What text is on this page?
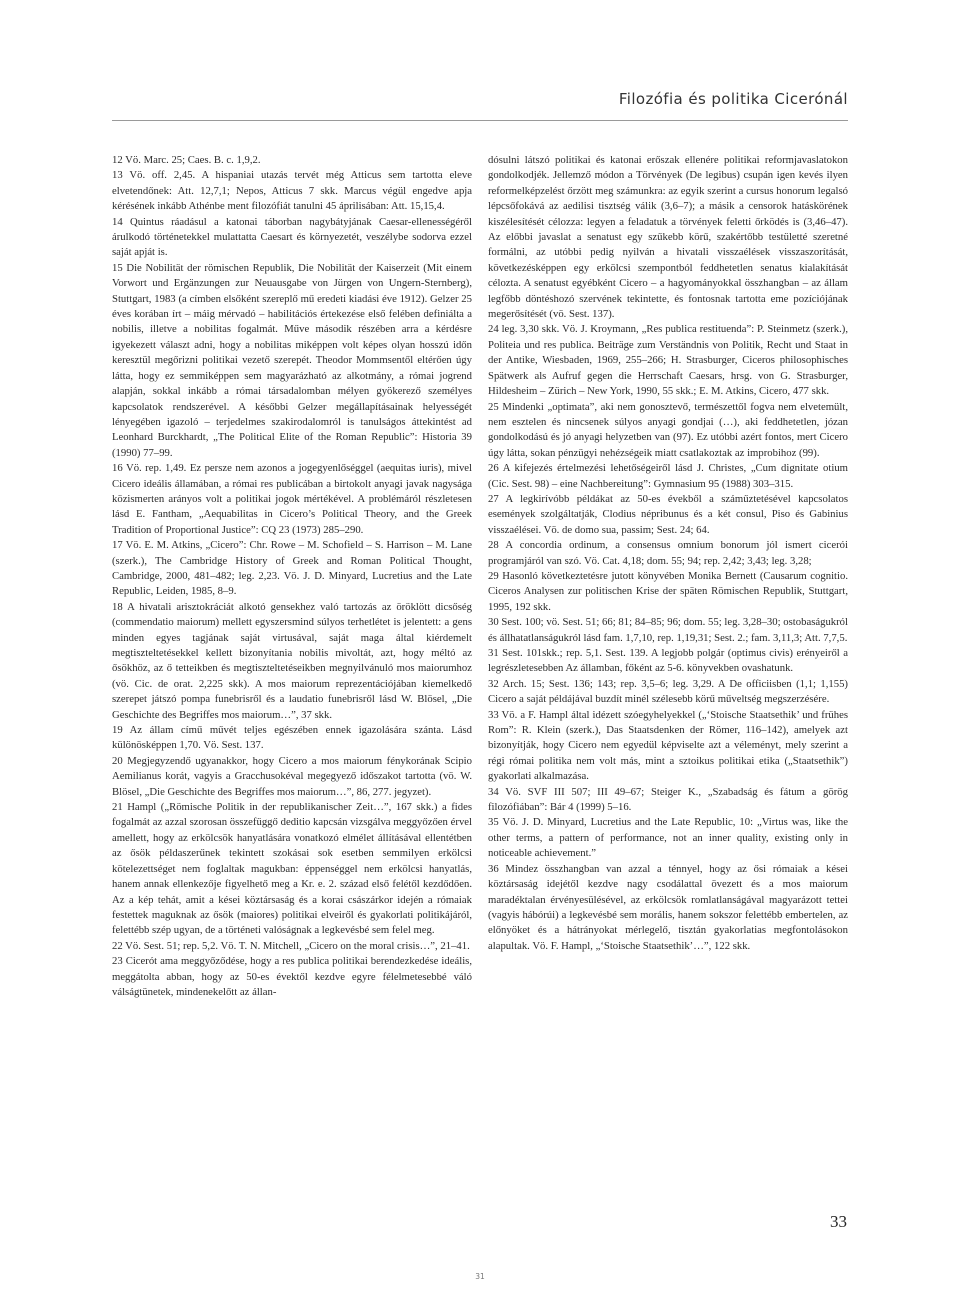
Filozófia és politika Cicerónál

12 Vö. Marc. 25; Caes. B. c. 1,9,2.

13 Vö. off. 2,45. A hispaniai utazás tervét még Atticus sem tartotta eleve elvetendőnek: Att. 12,7,1; Nepos, Atticus 7 skk. Marcus végül engedve apja kérésének inkább Athénbe ment filozófiát tanulni 45 áprilisában: Att. 15,15,4.

14 Quintus ráadásul a katonai táborban nagybátyjának Caesar-ellenességéről árulkodó történetekkel mulattatta Caesart és környezetét, veszélybe sodorva ezzel saját apját is.

15 Die Nobilität der römischen Republik, Die Nobilität der Kaiserzeit (Mit einem Vorwort und Ergänzungen zur Neuausgabe von Jürgen von Ungern-Sternberg), Stuttgart, 1983 (a címben elsőként szereplő mű eredeti kiadási éve 1912). Gelzer 25 éves korában írt – máig mérvadó – habilitációs értekezése első felében definiálta a nobilis, illetve a nobilitas fogalmát. Műve második részében arra a kérdésre igyekezett választ adni, hogy a nobilitas miképpen volt képes olyan hosszú időn keresztül megőrizni politikai vezető szerepét. Theodor Mommsentől eltérően úgy látta, hogy ez semmiképpen sem magyarázható az alkotmány, a római jogrend alapján, sokkal inkább a római társadalomban mélyen gyökerező személyes kapcsolatok rendszerével. A későbbi Gelzer megállapításainak helyességét lényegében igazoló – terjedelmes szakirodalomról is tanulságos áttekintést ad Leonhard Burckhardt, „The Political Elite of the Roman Republic”: Historia 39 (1990) 77–99.

16 Vö. rep. 1,49. Ez persze nem azonos a jogegyenlőséggel (aequitas iuris), mivel Cicero ideális államában, a római res publicában a birtokolt anyagi javak nagysága közismerten arányos volt a politikai jogok mértékével. A problémáról részletesen lásd E. Fantham, „Aequabilitas in Cicero’s Political Theory, and the Greek Tradition of Proportional Justice”: CQ 23 (1973) 285–290.

17 Vö. E. M. Atkins, „Cicero”: Chr. Rowe – M. Schofield – S. Harrison – M. Lane (szerk.), The Cambridge History of Greek and Roman Political Thought, Cambridge, 2000, 481–482; leg. 2,23. Vö. J. D. Minyard, Lucretius and the Late Republic, Leiden, 1985, 8–9.

18 A hivatali arisztokráciát alkotó gensekhez való tartozás az öröklött dicsőség (commendatio maiorum) mellett egyszersmind súlyos terhetlétet is jelentett: a gens minden egyes tagjának saját virtusával, saját maga által kiérdemelt megtiszteltetésekkel kellett bizonyítania nobilis mivoltát, azt, hogy méltó az ősökhöz, az ő tetteikben és megtiszteltetéseikben megnyilvánuló mos maiorumhoz (vö. Cic. de orat. 2,225 skk). A mos maiorum reprezentációjában kiemelkedő szerepet játszó pompa funebrisről és a laudatio funebrisről lásd W. Blösel, „Die Geschichte des Begriffes mos maiorum…”, 37 skk.

19 Az állam című művét teljes egészében ennek igazolására szánta. Lásd különösképpen 1,70. Vö. Sest. 137.

20 Megjegyzendő ugyanakkor, hogy Cicero a mos maiorum fénykorának Scipio Aemilianus korát, vagyis a Gracchusokéval megegyező időszakot tartotta (vö. W. Blösel, „Die Geschichte des Begriffes mos maiorum…”, 86, 277. jegyzet).

21 Hampl („Römische Politik in der republikanischer Zeit…”, 167 skk.) a fides fogalmát az azzal szorosan összefüggő deditio kapcsán vizsgálva meggyőzően érvel amellett, hogy az erkölcsök hanyatlására vonatkozó elmélet állításával ellentétben az ősök példaszerűnek tekintett szokásai sok esetben semmilyen erkölcsi kötelezettséget nem foglaltak magukban: éppenséggel nem erkölcsi hanyatlás, hanem annak ellenkezője figyelhető meg a Kr. e. 2. század első felétől kezdődően. Az a kép tehát, amit a kései köztársaság és a korai császárkor idején a rómaiak festettek maguknak az ősök (maiores) politikai elveiről és gyakorlati politikájáról, felettébb szép ugyan, de a történeti valóságnak a legkevésbé sem felel meg.

22 Vö. Sest. 51; rep. 5,2. Vö. T. N. Mitchell, „Cicero on the moral crisis…”, 21–41.

23 Cicerót ama meggyőződése, hogy a res publica politikai berendezkedése ideális, meggátolta abban, hogy az 50-es évektől kezdve egyre félelmetesebbé váló válságtünetek, mindenekelőtt az állan-

dósulni látszó politikai és katonai erőszak ellenére politikai reformjavaslatokon gondolkodjék. Jellemző módon a Törvények (De legibus) csupán igen kevés ilyen reformelképzelést őrzött meg számunkra: az egyik szerint a cursus honorum legalsó lépcsőfokává az aedilisi tisztség válik (3,6–7); a másik a censorok hatáskörének kiszélesítését célozza: legyen a feladatuk a törvények feletti őrködés is (3,46–47). Az előbbi javaslat a senatust egy szűkebb körű, szakértőbb testületté szeretné formálni, az utóbbi pedig nyilván a hivatali visszaélések visszaszorítását, következésképpen egy erkölcsi szempontból feddhetetlen senatus kialakítását célozta. A senatust egyébként Cicero – a hagyományokkal összhangban – az állam legfőbb döntéshozó szervének tekintette, és fontosnak tartotta eme pozíciójának megerősítését (vö. Sest. 137).

24 leg. 3,30 skk. Vö. J. Kroymann, „Res publica restituenda”: P. Steinmetz (szerk.), Politeia und res publica. Beiträge zum Verständnis von Politik, Recht und Staat in der Antike, Wiesbaden, 1969, 255–266; H. Strasburger, Ciceros philosophisches Spätwerk als Aufruf gegen die Herrschaft Caesars, hrsg. von G. Strasburger, Hildesheim – Zürich – New York, 1990, 55 skk.; E. M. Atkins, Cicero, 477 skk.

25 Mindenki „optimata”, aki nem gonosztevő, természettől fogva nem elvetemült, nem esztelen és nincsenek súlyos anyagi gondjai (…), aki feddhetetlen, józan gondolkodású és jó anyagi helyzetben van (97). Ez utóbbi azért fontos, mert Cicero úgy látta, sokan pénzügyi nehézségeik miatt csatlakoztak az improbihoz (99).

26 A kifejezés értelmezési lehetőségeiről lásd J. Christes, „Cum dignitate otium (Cic. Sest. 98) – eine Nachbereitung”: Gymnasium 95 (1988) 303–315.

27 A legkirívóbb példákat az 50-es évekből a száműztetésével kapcsolatos események szolgáltatják, Clodius népribunus és a két consul, Piso és Gabinius visszaélései. Vö. de domo sua, passim; Sest. 24; 64.

28 A concordia ordinum, a consensus omnium bonorum jól ismert cicerói programjáról van szó. Vö. Cat. 4,18; dom. 55; 94; rep. 2,42; 3,43; leg. 3,28;

29 Hasonló következtetésre jutott könyvében Monika Bernett (Causarum cognitio. Ciceros Analysen zur politischen Krise der späten Römischen Republik, Stuttgart, 1995, 192 skk.

30 Sest. 100; vö. Sest. 51; 66; 81; 84–85; 96; dom. 55; leg. 3,28–30; ostobaságukról és állhatatlanságukról lásd fam. 1,7,10, rep. 1,19,31; Sest. 2.; fam. 3,11,3; Att. 7,7,5.

31 Sest. 101skk.; rep. 5,1. Sest. 139. A legjobb polgár (optimus civis) erényeiről a legrészletesebben Az államban, főként az 5-6. könyvekben ovashatunk.

32 Arch. 15; Sest. 136; 143; rep. 3,5–6; leg. 3,29. A De officiisben (1,1; 1,155) Cicero a saját példájával buzdít minél szélesebb körű műveltség megszerzésére.

33 Vö. a F. Hampl által idézett szóegyhelyekkel („‘Stoische Staatsethik’ und frühes Rom”: R. Klein (szerk.), Das Staatsdenken der Römer, 116–142), amelyek azt bizonyítják, hogy Cicero nem egyedül képviselte azt a véleményt, mely szerint a régi római politika nem volt más, mint a sztoikus politikai etika („Staatsethik”) gyakorlati alkalmazása.

34 Vö. SVF III 507; III 49–67; Steiger K., „Szabadság és fátum a görög filozófiában”: Bár 4 (1999) 5–16.

35 Vö. J. D. Minyard, Lucretius and the Late Republic, 10: „Virtus was, like the other terms, a pattern of performance, not an inner quality, existing only in noticeable achievement.”

36 Mindez összhangban van azzal a ténnyel, hogy az ősi rómaiak a kései köztársaság idejétől kezdve nagy csodálattal övezett és a mos maiorum maradéktalan érvényesülésével, az erkölcsök romlatlanságával magyarázott tettei (vagyis hábórúi) a legkevésbé sem morális, hanem sokszor felettébb embertelen, az előnyöket és a hátrányokat mérlegelő, tisztán gyakorlatias megfontolásokon alapultak. Vö. F. Hampl, „‘Stoische Staatsethik’…”, 122 skk.

33
31
